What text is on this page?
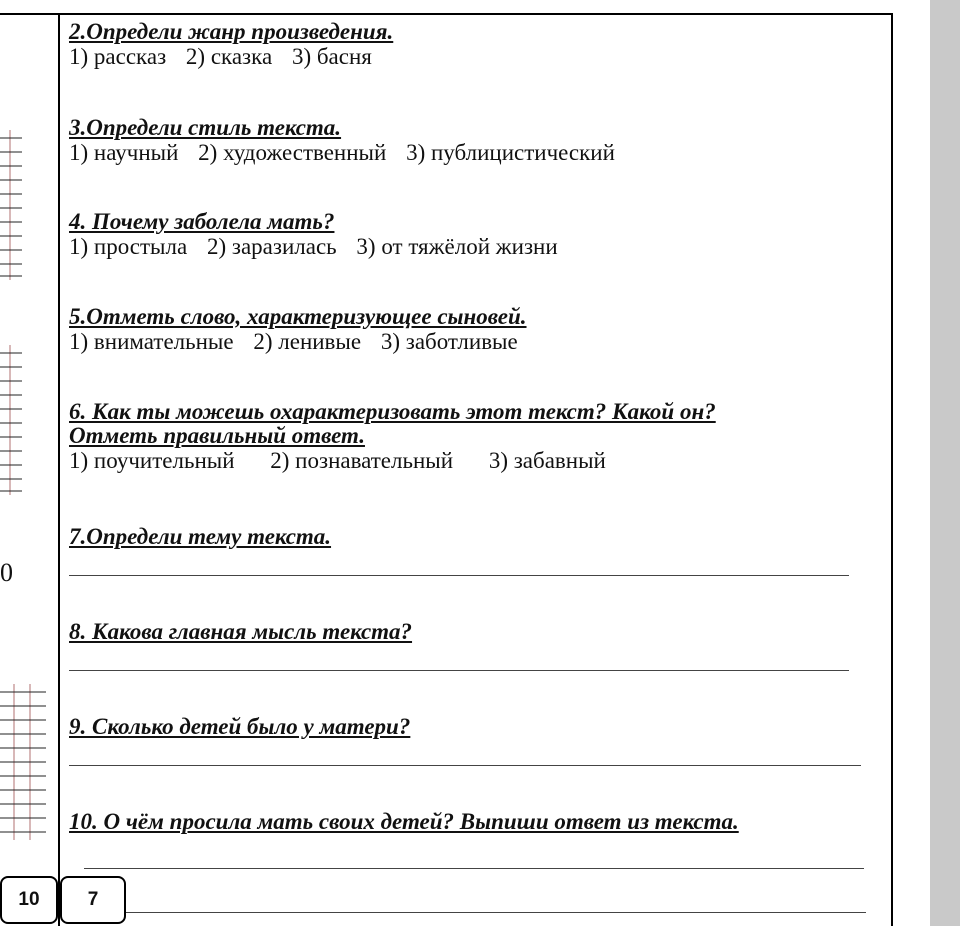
0
2.Определи жанр произведения.
1) рассказ 2) сказка 3) басня
3.Определи стиль текста.
1) научный 2) художественный 3) публицистический
4. Почему заболела мать?
1) простыла 2) заразилась 3) от тяжёлой жизни
5.Отметь слово, характеризующее сыновей.
1) внимательные 2) ленивые 3) заботливые
6. Как ты можешь охарактеризовать этот текст? Какой он?
Отметь правильный ответ.
1) поучительный 2) познавательный 3) забавный
7.Определи тему текста.
8. Какова главная мысль текста?
9. Сколько детей было у матери?
10. О чём просила мать своих детей? Выпиши ответ из текста.
10	7
